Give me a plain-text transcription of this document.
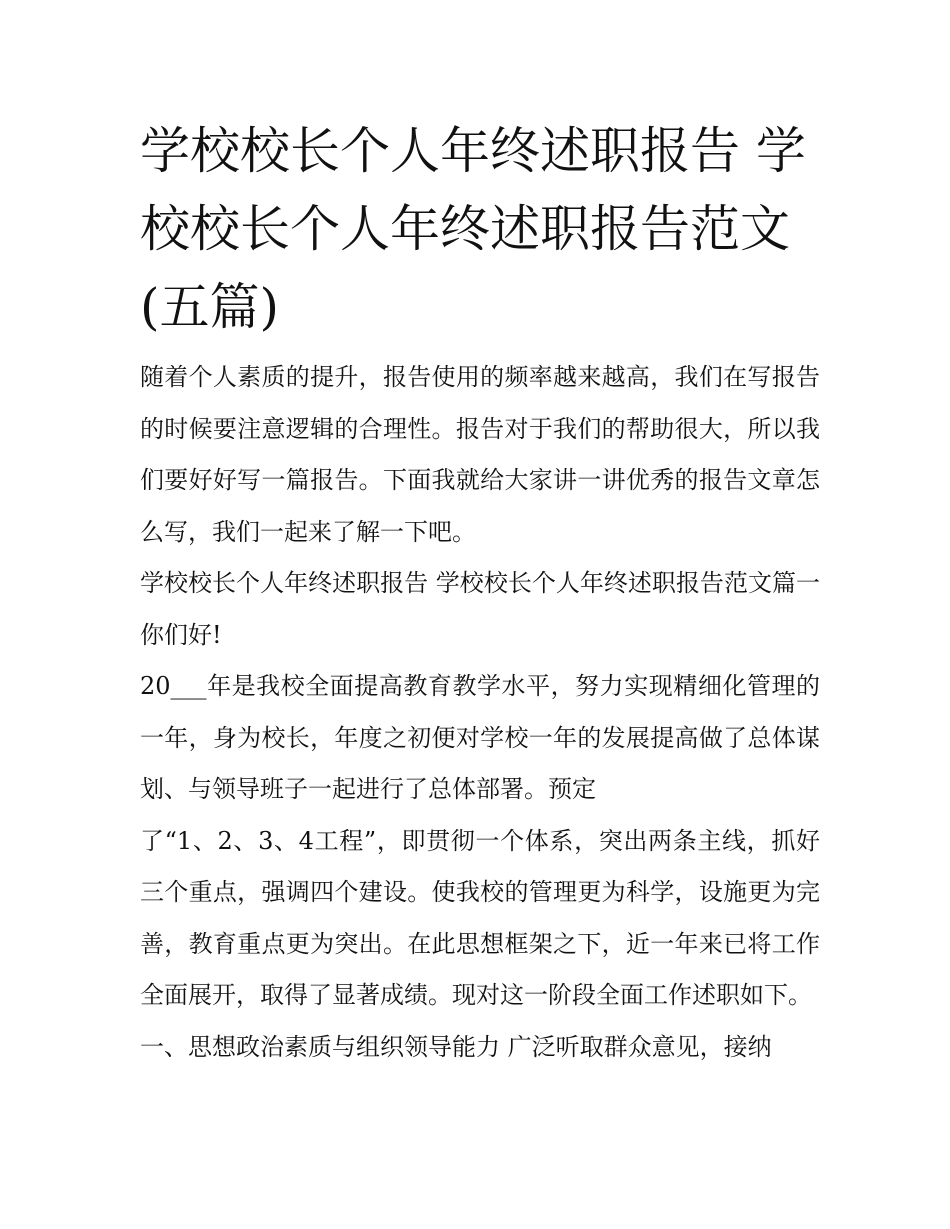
学校校长个人年终述职报告 学校校长个人年终述职报告范文(五篇)

随着个人素质的提升，报告使用的频率越来越高，我们在写报告的时候要注意逻辑的合理性。报告对于我们的帮助很大，所以我们要好好写一篇报告。下面我就给大家讲一讲优秀的报告文章怎么写，我们一起来了解一下吧。

学校校长个人年终述职报告 学校校长个人年终述职报告范文篇一 你们好!

20___年是我校全面提高教育教学水平，努力实现精细化管理的一年，身为校长，年度之初便对学校一年的发展提高做了总体谋划、与领导班子一起进行了总体部署。预定

了“1、2、3、4工程”，即贯彻一个体系，突出两条主线，抓好三个重点，强调四个建设。使我校的管理更为科学，设施更为完善，教育重点更为突出。在此思想框架之下，近一年来已将工作全面展开，取得了显著成绩。现对这一阶段全面工作述职如下。

一、思想政治素质与组织领导能力 广泛听取群众意见，接纳
